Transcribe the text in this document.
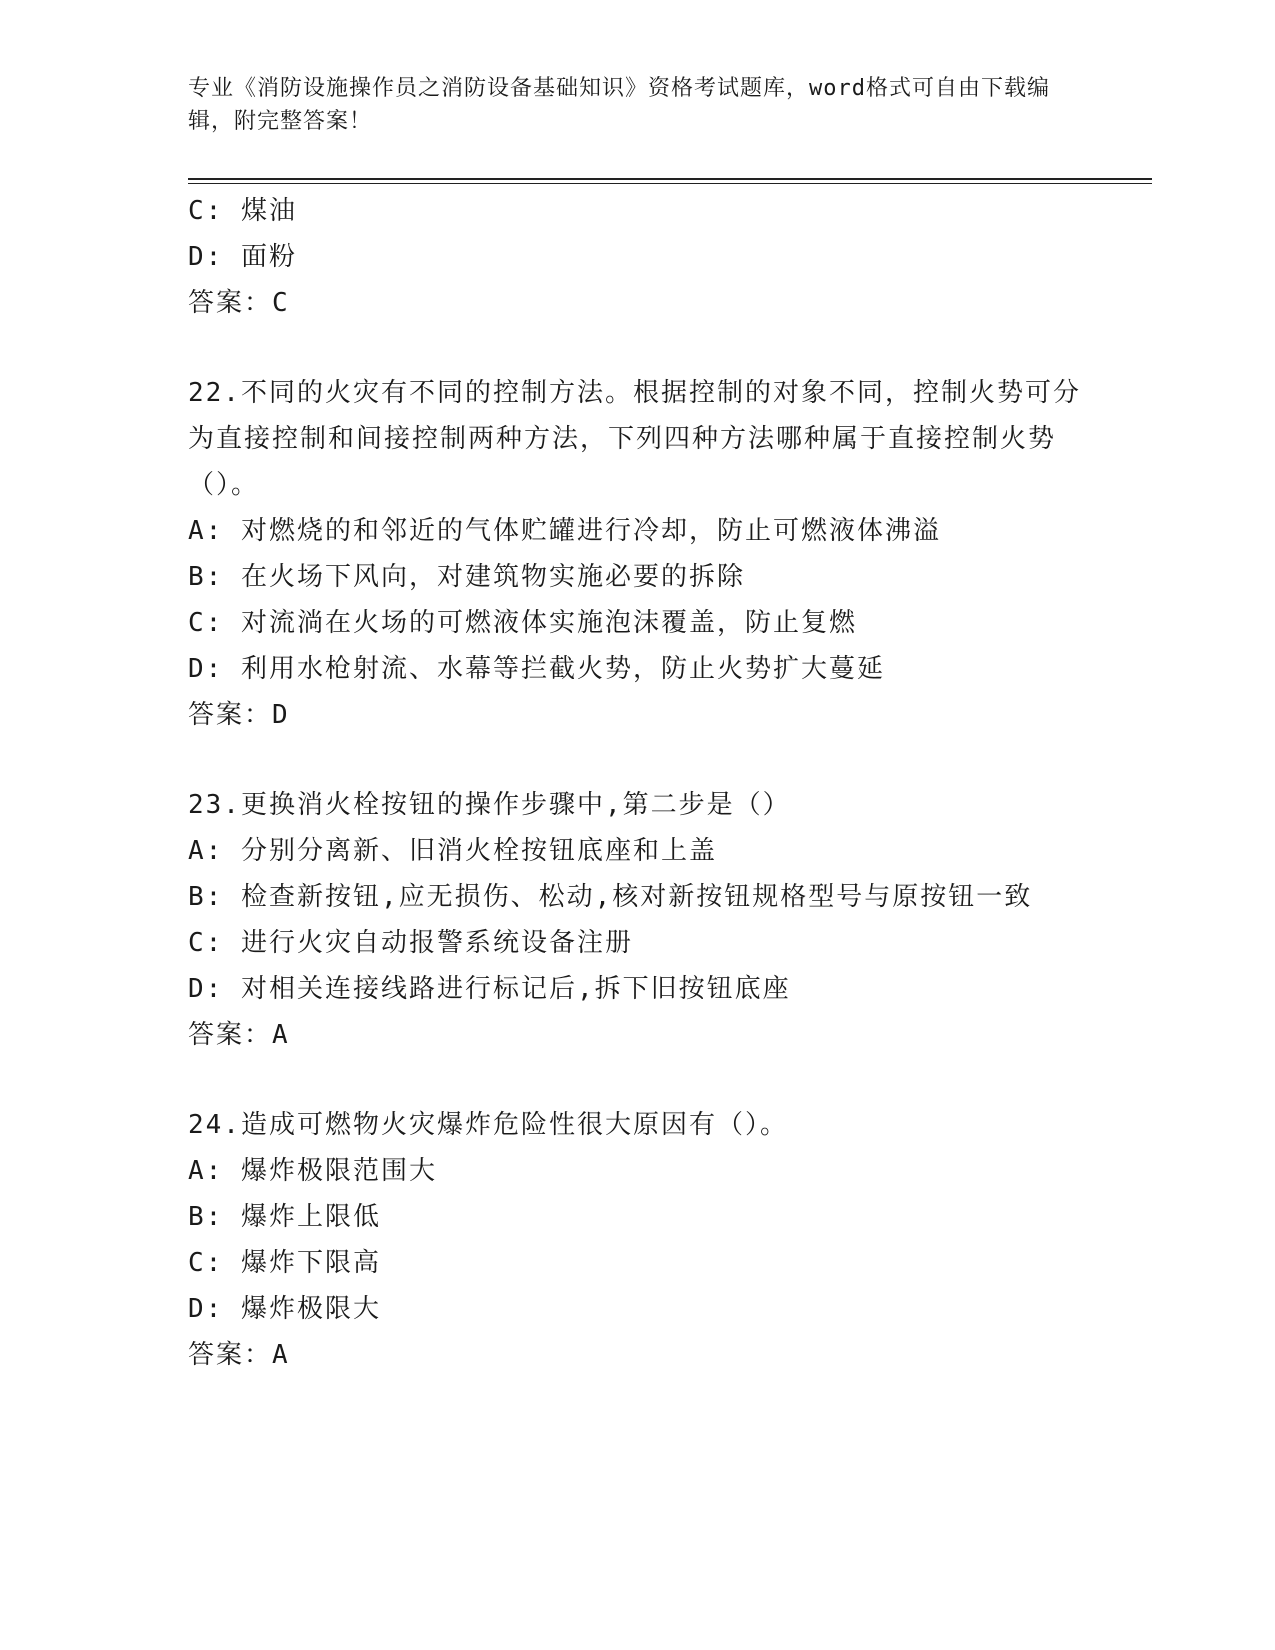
专业《消防设施操作员之消防设备基础知识》资格考试题库，word格式可自由下载编辑，附完整答案！
C: 煤油
D: 面粉
答案：C
22.不同的火灾有不同的控制方法。根据控制的对象不同，控制火势可分为直接控制和间接控制两种方法，下列四种方法哪种属于直接控制火势（）。
A: 对燃烧的和邻近的气体贮罐进行冷却，防止可燃液体沸溢
B: 在火场下风向，对建筑物实施必要的拆除
C: 对流淌在火场的可燃液体实施泡沫覆盖，防止复燃
D: 利用水枪射流、水幕等拦截火势，防止火势扩大蔓延
答案：D
23.更换消火栓按钮的操作步骤中,第二步是（）
A: 分别分离新、旧消火栓按钮底座和上盖
B: 检查新按钮,应无损伤、松动,核对新按钮规格型号与原按钮一致
C: 进行火灾自动报警系统设备注册
D: 对相关连接线路进行标记后,拆下旧按钮底座
答案：A
24.造成可燃物火灾爆炸危险性很大原因有（）。
A: 爆炸极限范围大
B: 爆炸上限低
C: 爆炸下限高
D: 爆炸极限大
答案：A
